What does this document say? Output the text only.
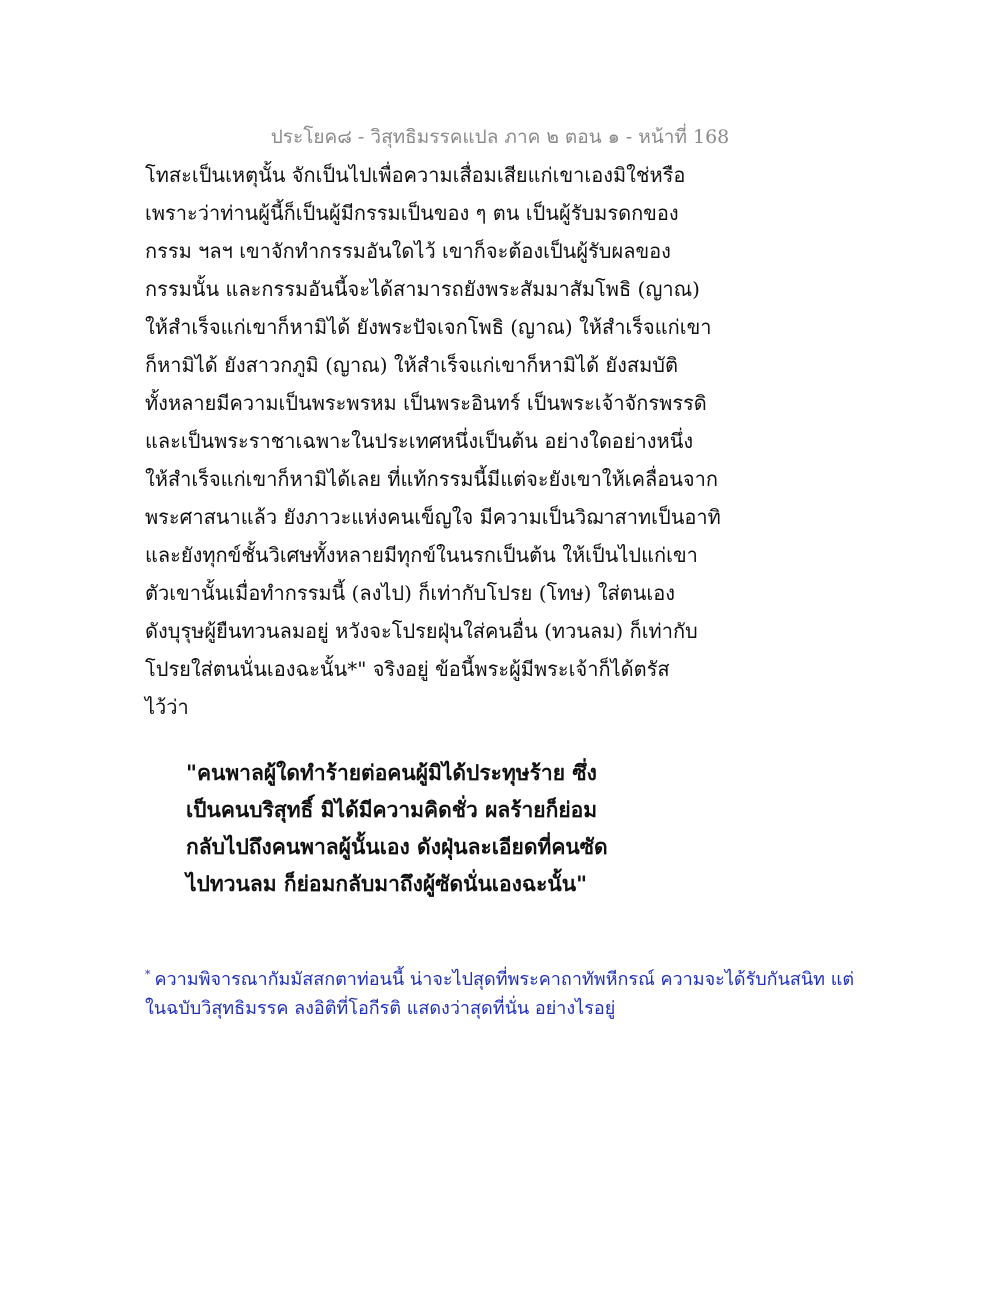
ประโยค๘ - วิสุทธิมรรคแปล ภาค ๒ ตอน ๑ - หน้าที่ 168
โทสะเป็นเหตุนั้น จักเป็นไปเพื่อความเสื่อมเสียแก่เขาเองมิใช่หรือ
เพราะว่าท่านผู้นี้ก็เป็นผู้มีกรรมเป็นของ ๆ ตน เป็นผู้รับมรดกของ
กรรม ฯลฯ เขาจักทำกรรมอันใดไว้ เขาก็จะต้องเป็นผู้รับผลของ
กรรมนั้น และกรรมอันนี้จะได้สามารถยังพระสัมมาสัมโพธิ (ญาณ)
ให้สำเร็จแก่เขาก็หามิได้ ยังพระปัจเจกโพธิ (ญาณ) ให้สำเร็จแก่เขา
ก็หามิได้ ยังสาวกภูมิ (ญาณ) ให้สำเร็จแก่เขาก็หามิได้ ยังสมบัติ
ทั้งหลายมีความเป็นพระพรหม เป็นพระอินทร์ เป็นพระเจ้าจักรพรรดิ
และเป็นพระราชาเฉพาะในประเทศหนึ่งเป็นต้น อย่างใดอย่างหนึ่ง
ให้สำเร็จแก่เขาก็หามิได้เลย ที่แท้กรรมนี้มีแต่จะยังเขาให้เคลื่อนจาก
พระศาสนาแล้ว ยังภาวะแห่งคนเข็ญใจ มีความเป็นวิฌาสาทเป็นอาทิ
และยังทุกข์ชั้นวิเศษทั้งหลายมีทุกข์ในนรกเป็นต้น ให้เป็นไปแก่เขา
ตัวเขานั้นเมื่อทำกรรมนี้ (ลงไป) ก็เท่ากับโปรย (โทษ) ใส่ตนเอง
ดังบุรุษผู้ยืนทวนลมอยู่ หวังจะโปรยฝุ่นใส่คนอื่น (ทวนลม) ก็เท่ากับ
โปรยใส่ตนนั่นเองฉะนั้น*" จริงอยู่ ข้อนี้พระผู้มีพระเจ้าก็ได้ตรัส
ไว้ว่า
"คนพาลผู้ใดทำร้ายต่อคนผู้มิได้ประทุษร้าย ซึ่ง
เป็นคนบริสุทธิ์ มิได้มีความคิดชั่ว ผลร้ายก็ย่อม
กลับไปถึงคนพาลผู้นั้นเอง ดังฝุ่นละเอียดที่คนซัด
ไปทวนลม ก็ย่อมกลับมาถึงผู้ซัดนั่นเองฉะนั้น"
* ความพิจารณากัมมัสสกตาท่อนนี้ น่าจะไปสุดที่พระคาถาทัพหีกรณ์ ความจะได้รับกันสนิท แต่
ในฉบับวิสุทธิมรรค ลงอิติที่โอกีรติ แสดงว่าสุดที่นั่น อย่างไรอยู่
